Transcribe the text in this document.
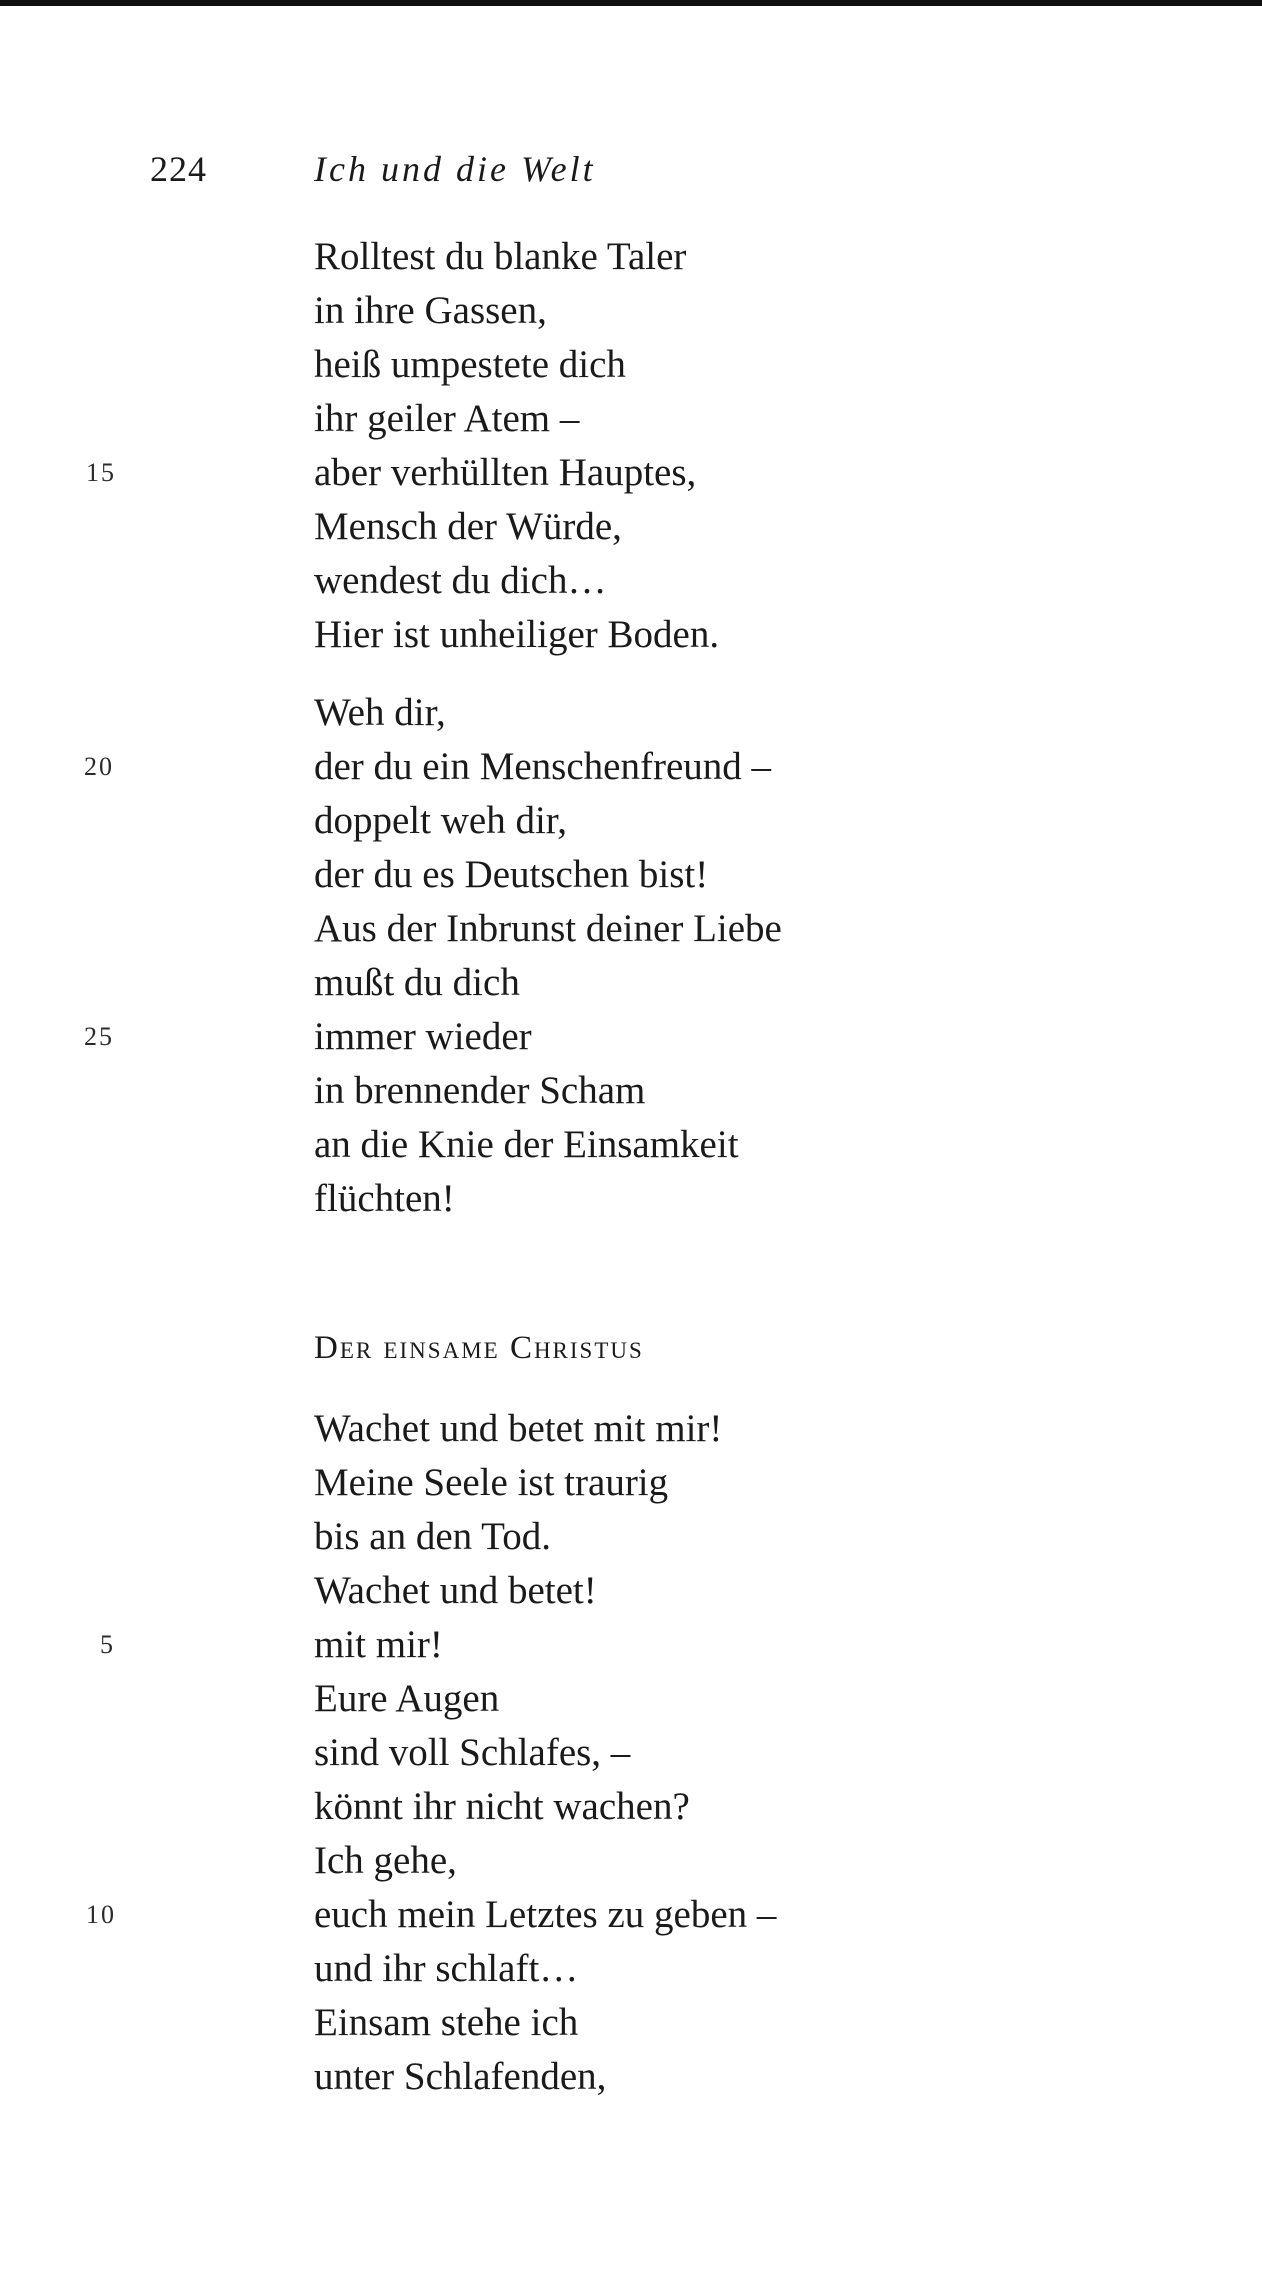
224	Ich und die Welt
Rolltest du blanke Taler
in ihre Gassen,
heiß umpestete dich
ihr geiler Atem –
15	aber verhüllten Hauptes,
Mensch der Würde,
wendest du dich…
Hier ist unheiliger Boden.
Weh dir,
20	der du ein Menschenfreund –
doppelt weh dir,
der du es Deutschen bist!
Aus der Inbrunst deiner Liebe
mußt du dich
25	immer wieder
in brennender Scham
an die Knie der Einsamkeit
flüchten!
Der einsame Christus
Wachet und betet mit mir!
Meine Seele ist traurig
bis an den Tod.
Wachet und betet!
5	mit mir!
Eure Augen
sind voll Schlafes, –
könnt ihr nicht wachen?
Ich gehe,
10	euch mein Letztes zu geben –
und ihr schlaft…
Einsam stehe ich
unter Schlafenden,
